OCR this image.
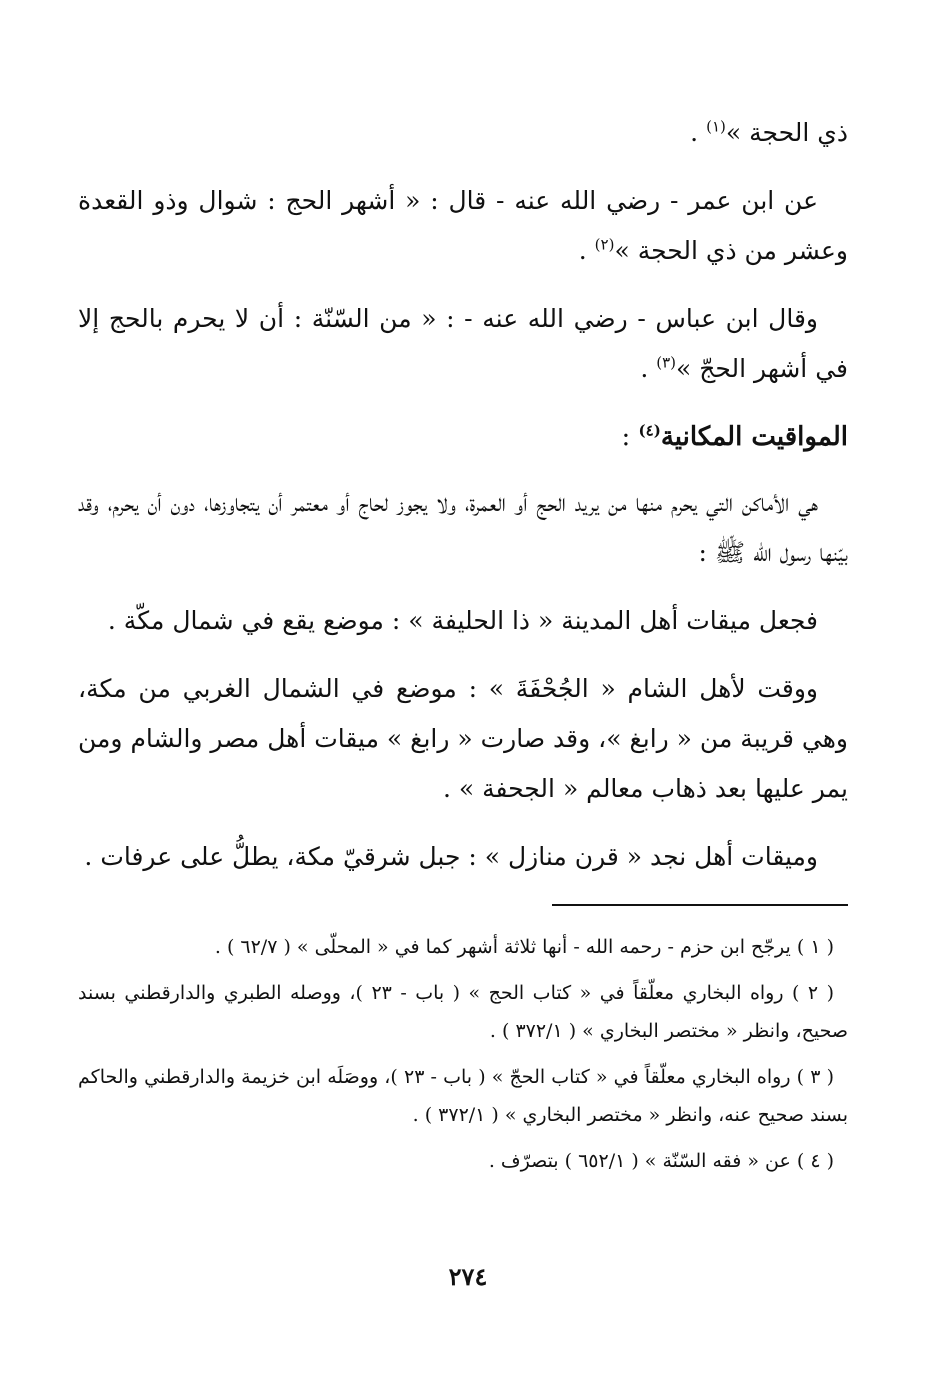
ذي الحجة »$^{(١)}$ .

عن ابن عمر - رضي الله عنه - قال : « أشهر الحج : شوال وذو القعدة وعشر من ذي الحجة »$^{(٢)}$ .

وقال ابن عباس - رضي الله عنه - : « من السّنّة : أن لا يحرم بالحج إلا في أشهر الحجّ »$^{(٣)}$ .

المواقيت المكانية$^{(٤)}$ :

هي الأماكن التي يحرم منها من يريد الحج أو العمرة، ولا يجوز لحاج أو معتمر أن يتجاوزها، دون أن يحرم، وقد بيّنها رسول الله ﷺ :

فجعل ميقات أهل المدينة « ذا الحليفة » : موضع يقع في شمال مكّة .

ووقت لأهل الشام « الجُحْفَةَ » : موضع في الشمال الغربي من مكة، وهي قريبة من « رابغ »، وقد صارت « رابغ » ميقات أهل مصر والشام ومن يمر عليها بعد ذهاب معالم « الجحفة » .

وميقات أهل نجد « قرن منازل » : جبل شرقيّ مكة، يطلُّ على عرفات .

( ١ ) يرجّح ابن حزم - رحمه الله - أنها ثلاثة أشهر كما في « المحلّى » ( ٦٢/٧ ) .

( ٢ ) رواه البخاري معلّقاً في « كتاب الحج » ( باب - ٢٣ )، ووصله الطبري والدارقطني بسند صحيح، وانظر « مختصر البخاري » ( ٣٧٢/١ ) .

( ٣ ) رواه البخاري معلّقاً في « كتاب الحجّ » ( باب - ٢٣ )، ووصَلَه ابن خزيمة والدارقطني والحاكم بسند صحيح عنه، وانظر « مختصر البخاري » ( ٣٧٢/١ ) .

( ٤ ) عن « فقه السّنّة » ( ٦٥٢/١ ) بتصرّف .

٢٧٤
